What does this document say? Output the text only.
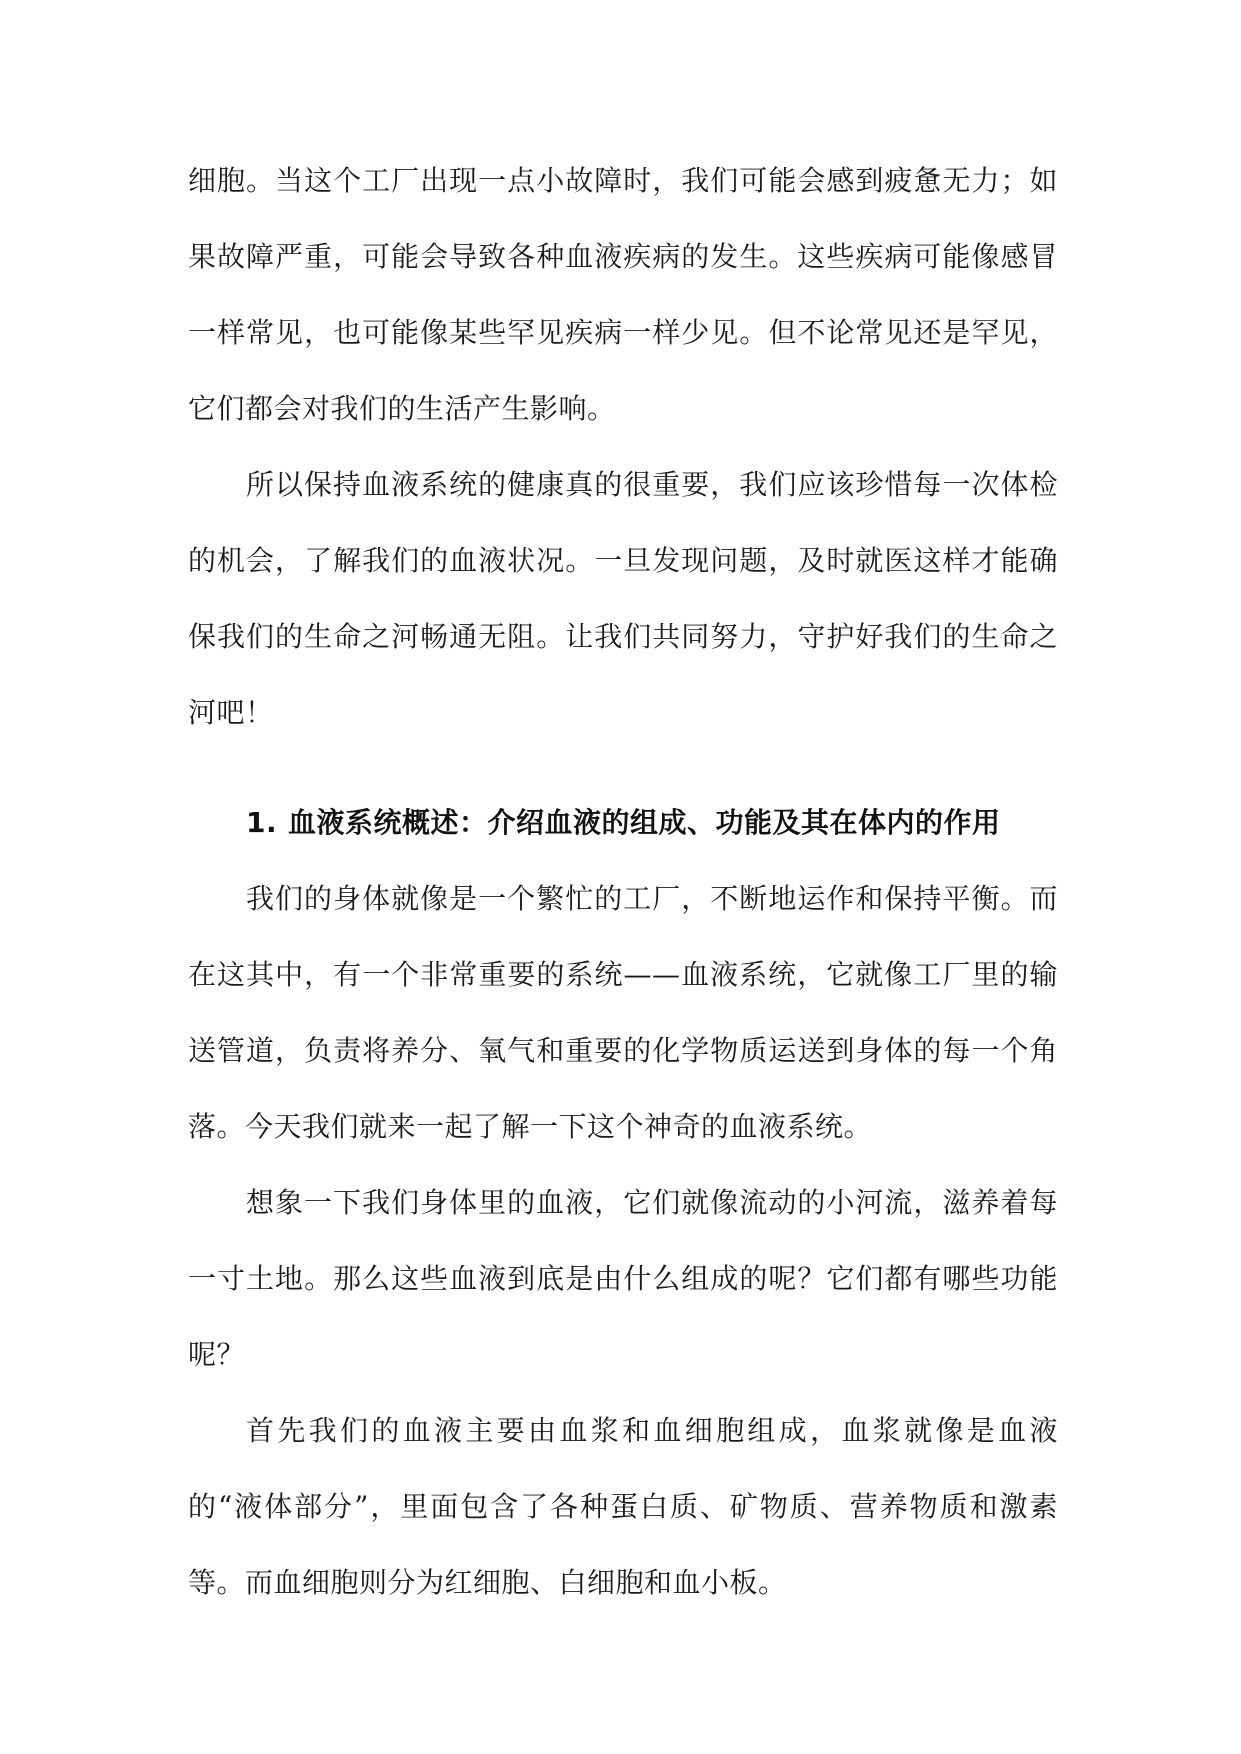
细胞。当这个工厂出现一点小故障时，我们可能会感到疲惫无力；如果故障严重，可能会导致各种血液疾病的发生。这些疾病可能像感冒一样常见，也可能像某些罕见疾病一样少见。但不论常见还是罕见，它们都会对我们的生活产生影响。

所以保持血液系统的健康真的很重要，我们应该珍惜每一次体检的机会，了解我们的血液状况。一旦发现问题，及时就医这样才能确保我们的生命之河畅通无阻。让我们共同努力，守护好我们的生命之河吧！

1. 血液系统概述：介绍血液的组成、功能及其在体内的作用

我们的身体就像是一个繁忙的工厂，不断地运作和保持平衡。而在这其中，有一个非常重要的系统——血液系统，它就像工厂里的输送管道，负责将养分、氧气和重要的化学物质运送到身体的每一个角落。今天我们就来一起了解一下这个神奇的血液系统。

想象一下我们身体里的血液，它们就像流动的小河流，滋养着每一寸土地。那么这些血液到底是由什么组成的呢？它们都有哪些功能呢？

首先我们的血液主要由血浆和血细胞组成，血浆就像是血液的“液体部分”，里面包含了各种蛋白质、矿物质、营养物质和激素等。而血细胞则分为红细胞、白细胞和血小板。
